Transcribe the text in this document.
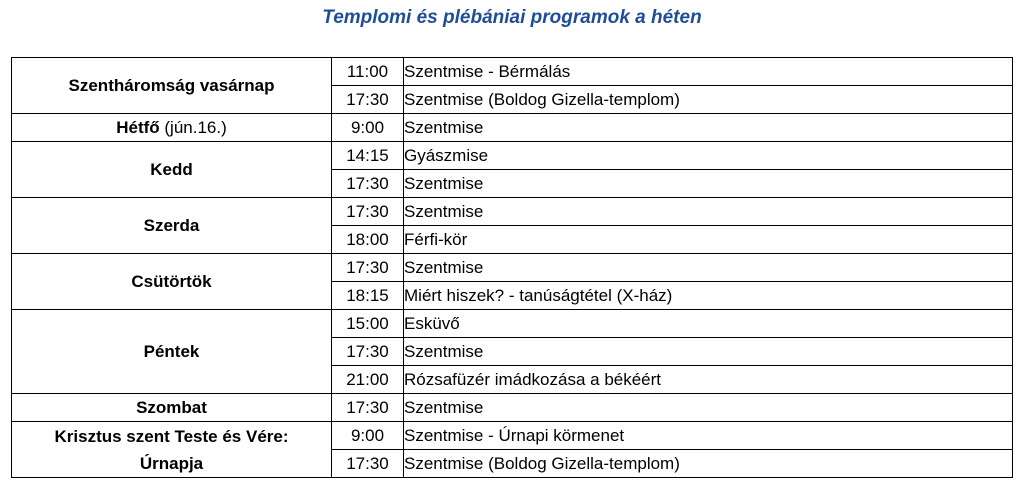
Templomi és plébániai programok a héten
Szentháromság vasárnap	11:00	Szentmise - Bérmálás
	17:30	Szentmise (Boldog Gizella-templom)
Hétfő (jún.16.)	9:00	Szentmise
Kedd	14:15	Gyászmise
	17:30	Szentmise
Szerda	17:30	Szentmise
	18:00	Férfi-kör
Csütörtök	17:30	Szentmise
	18:15	Miért hiszek? - tanúságtétel (X-ház)
Péntek	15:00	Esküvő
	17:30	Szentmise
	21:00	Rózsafüzér imádkozása a békéért
Szombat	17:30	Szentmise

Krisztus szent Teste és Vére:
Úrnapja	9:00	Szentmise - Úrnapi körmenet
	17:30	Szentmise (Boldog Gizella-templom)
